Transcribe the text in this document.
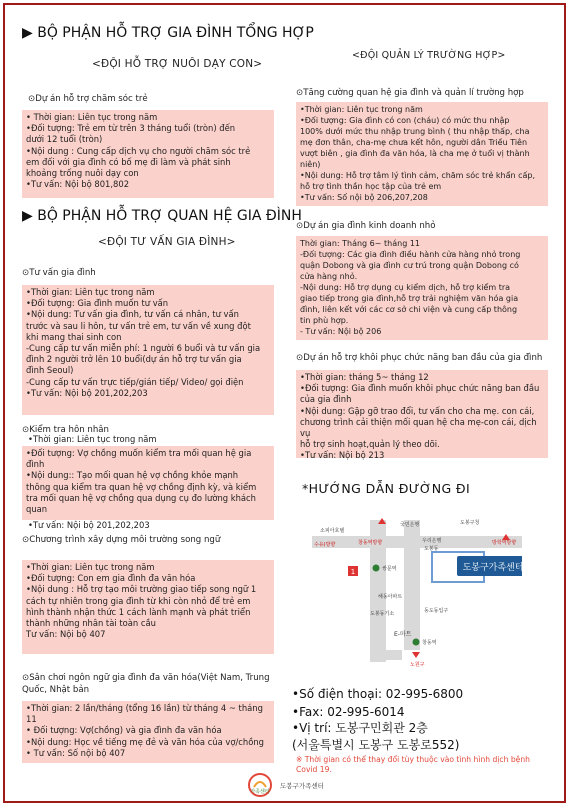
▶ BỘ PHẬN HỖ TRỢ GIA ĐÌNH TỔNG HỢP
<ĐỘI HỖ TRỢ NUÔI DẠY CON>
⊙Dự án hỗ trợ chăm sóc trẻ
• Thời gian: Liên tục trong năm
•Đối tượng: Trẻ em từ trên 3 tháng tuổi (tròn) đến
dưới 12 tuổi (tròn)
•Nội dung : Cung cấp dịch vụ cho người chăm sóc trẻ
em đối với gia đình có bố mẹ đi làm và phát sinh
khoảng trống nuôi dạy con
•Tư vấn: Nội bộ 801,802
▶ BỘ PHẬN HỖ TRỢ QUAN HỆ GIA ĐÌNH
<ĐỘI TƯ VẤN GIA ĐÌNH>
⊙Tư vấn gia đình
•Thời gian: Liên tục trong năm
•Đối tượng: Gia đình muốn tư vấn
•Nội dung: Tư vấn gia đình, tư vấn cá nhân, tư vấn
trước và sau li hôn, tư vấn trẻ em, tư vấn về xung đột
khi mang thai sinh con
-Cung cấp tư vấn miễn phí: 1 người 6 buổi và tư vấn gia
đình 2 người trở lên 10 buổi(dự án hỗ trợ tư vấn gia
đình Seoul)
-Cung cấp tư vấn trực tiếp/gián tiếp/ Video/ gọi điện
•Tư vấn: Nội bộ 201,202,203
⊙Kiểm tra hôn nhân
•Thời gian: Liên tục trong năm
•Đối tượng: Vợ chồng muốn kiểm tra mối quan hệ gia
đình
•Nội dung:: Tạo mối quan hệ vợ chồng khỏe mạnh
thông qua kiểm tra quan hệ vợ chồng định kỳ, và kiểm
tra mối quan hệ vợ chồng qua dụng cụ đo lường khách
quan
•Tư vấn: Nội bộ 201,202,203
⊙Chương trình xây dựng môi trường song ngữ
•Thời gian: Liên tục trong năm
•Đối tượng: Con em gia đình đa văn hóa
•Nội dung : Hỗ trợ tạo môi trường giao tiếp song ngữ 1
cách tự nhiên trong gia đình từ khi còn nhỏ để trẻ em
hình thành nhận thức 1 cách lành mạnh và phát triển
thành những nhân tài toàn cầu
Tư vấn: Nội bộ 407
⊙Sân chơi ngôn ngữ gia đình đa văn hóa(Việt Nam, Trung
Quốc, Nhật bản
•Thời gian: 2 lần/tháng (tổng 16 lần) từ tháng 4 ~ tháng
11
• Đối tượng: Vợ(chồng) và gia đình đa văn hóa
•Nội dung: Học về tiếng mẹ đẻ và văn hóa của vợ/chồng
• Tư vấn: Số nội bộ 407
<ĐỘI QUẢN LÝ TRƯỜNG HỢP>
⊙Tăng cường quan hệ gia đình và quản lí trường hợp
•Thời gian: Liên tục trong năm
•Đối tượng: Gia đình có con (cháu) có mức thu nhập
100% dưới mức thu nhập trung bình ( thu nhập thấp, cha
mẹ đơn thân, cha-mẹ chưa kết hôn, người dân Triều Tiên
vượt biên , gia đình đa văn hóa, là cha mẹ ở tuổi vị thành
niên)
•Nội dung: Hỗ trợ tâm lý tình cảm, chăm sóc trẻ khẩn cấp,
hỗ trợ tình thần học tập của trẻ em
•Tư vấn: Số nội bộ 206,207,208
⊙Dự án gia đình kinh doanh nhỏ
Thời gian: Tháng 6~ tháng 11
-Đối tượng: Các gia đình điều hành cửa hàng nhỏ trong
quận Dobong và gia đình cư trú trong quận Dobong có
cửa hàng nhỏ.
-Nội dung: Hỗ trợ dụng cụ kiểm dịch, hỗ trợ kiểm tra
giao tiếp trong gia đình,hỗ trợ trải nghiệm văn hóa gia
đình, liên kết với các cơ sở chi viện và cung cấp thông
tin phù hợp.
- Tư vấn: Nội bộ 206
⊙Dự án hỗ trợ khôi phục chức năng ban đầu của gia đình
•Thời gian: tháng 5~ tháng 12
•Đối tượng: Gia đình muốn khôi phục chức năng ban đầu
của gia đình
•Nội dung: Gặp gỡ trao đổi, tư vấn cho cha mẹ. con cái,
chương trình cải thiện mối quan hệ cha mẹ-con cái, dịch vụ
hỗ trợ sinh hoạt,quản lý theo dõi.
•Tư vấn: Nội bộ 213
*HƯỚNG DẪN ĐƯỜNG ĐI
도봉구가족센터
소피아호텔
국민은행
수유(방향
우리은행
창동역방향
도봉구청
방학역방향
도봉동
쌍문역
1
해동아파트
도봉동기소	동도동입구
E-마트
창동역
노원구
•Số điện thoại: 02-995-6800
•Fax: 02-995-6014
•Vị trí: 도봉구민회관 2층
(서울특별시 도봉구 도봉로552)
※ Thời gian có thể thay đổi tùy thuộc vào tình hình dịch bệnh
Covid 19.
가족센터
도봉구가족센터
